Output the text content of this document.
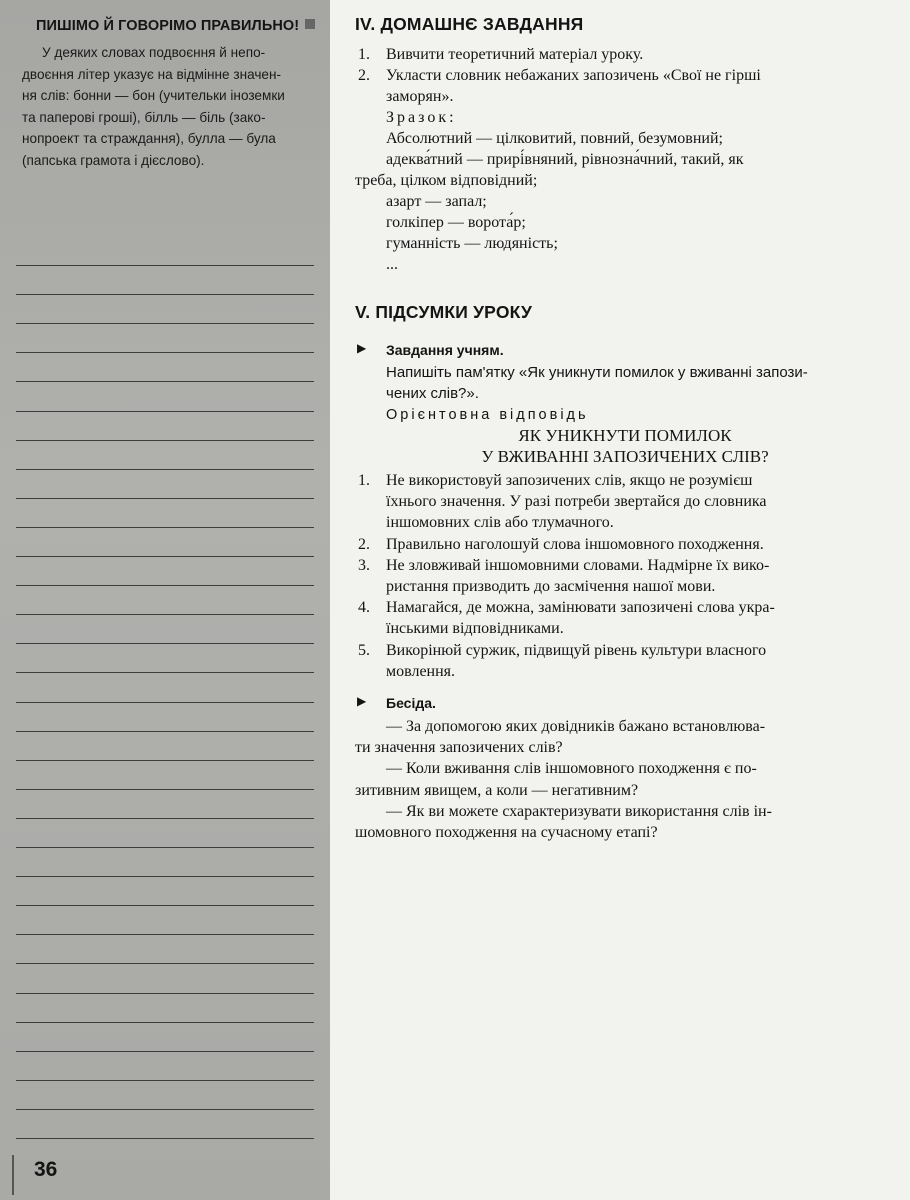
ПИШІМО Й ГОВОРІМО ПРАВИЛЬНО!

У деяких словах подвоєння й непо-

двоєння літер указує на відмінне значен-
ня слів: бонни — бон (учительки іноземки
та паперові гроші), білль — біль (зако-
нопроект та страждання), булла — була
(папська грамота і дієслово).
36
IV. ДОМАШНЄ ЗАВДАННЯ
1. Вивчити теоретичний матеріал уроку.
2. Укласти словник небажаних запозичень «Свої не гірші
заморян».
Зразок:
Абсолютний — цілковитий, повний, безумовний;
адеква́тний — прирі́вняний, рівнозна́чний, такий, як
треба, цілком відповідний;
азарт — запал;
голкіпер — ворота́р;
гуманність — людяність;
...
V. ПІДСУМКИ УРОКУ
▶ Завдання учням.
Напишіть пам'ятку «Як уникнути помилок у вживанні запози-
чених слів?».
Орієнтовна відповідь
ЯК УНИКНУТИ ПОМИЛОК
У ВЖИВАННІ ЗАПОЗИЧЕНИХ СЛІВ?
1. Не використовуй запозичених слів, якщо не розумієш
їхнього значення. У разі потреби звертайся до словника
іншомовних слів або тлумачного.
2. Правильно наголошуй слова іншомовного походження.
3. Не зловживай іншомовними словами. Надмірне їх вико-
ристання призводить до засмічення нашої мови.
4. Намагайся, де можна, замінювати запозичені слова укра-
їнськими відповідниками.
5. Викорінюй суржик, підвищуй рівень культури власного
мовлення.
▶ Бесіда.
— За допомогою яких довідників бажано встановлюва-
ти значення запозичених слів?
— Коли вживання слів іншомовного походження є по-
зитивним явищем, а коли — негативним?
— Як ви можете схарактеризувати використання слів ін-
шомовного походження на сучасному етапі?
